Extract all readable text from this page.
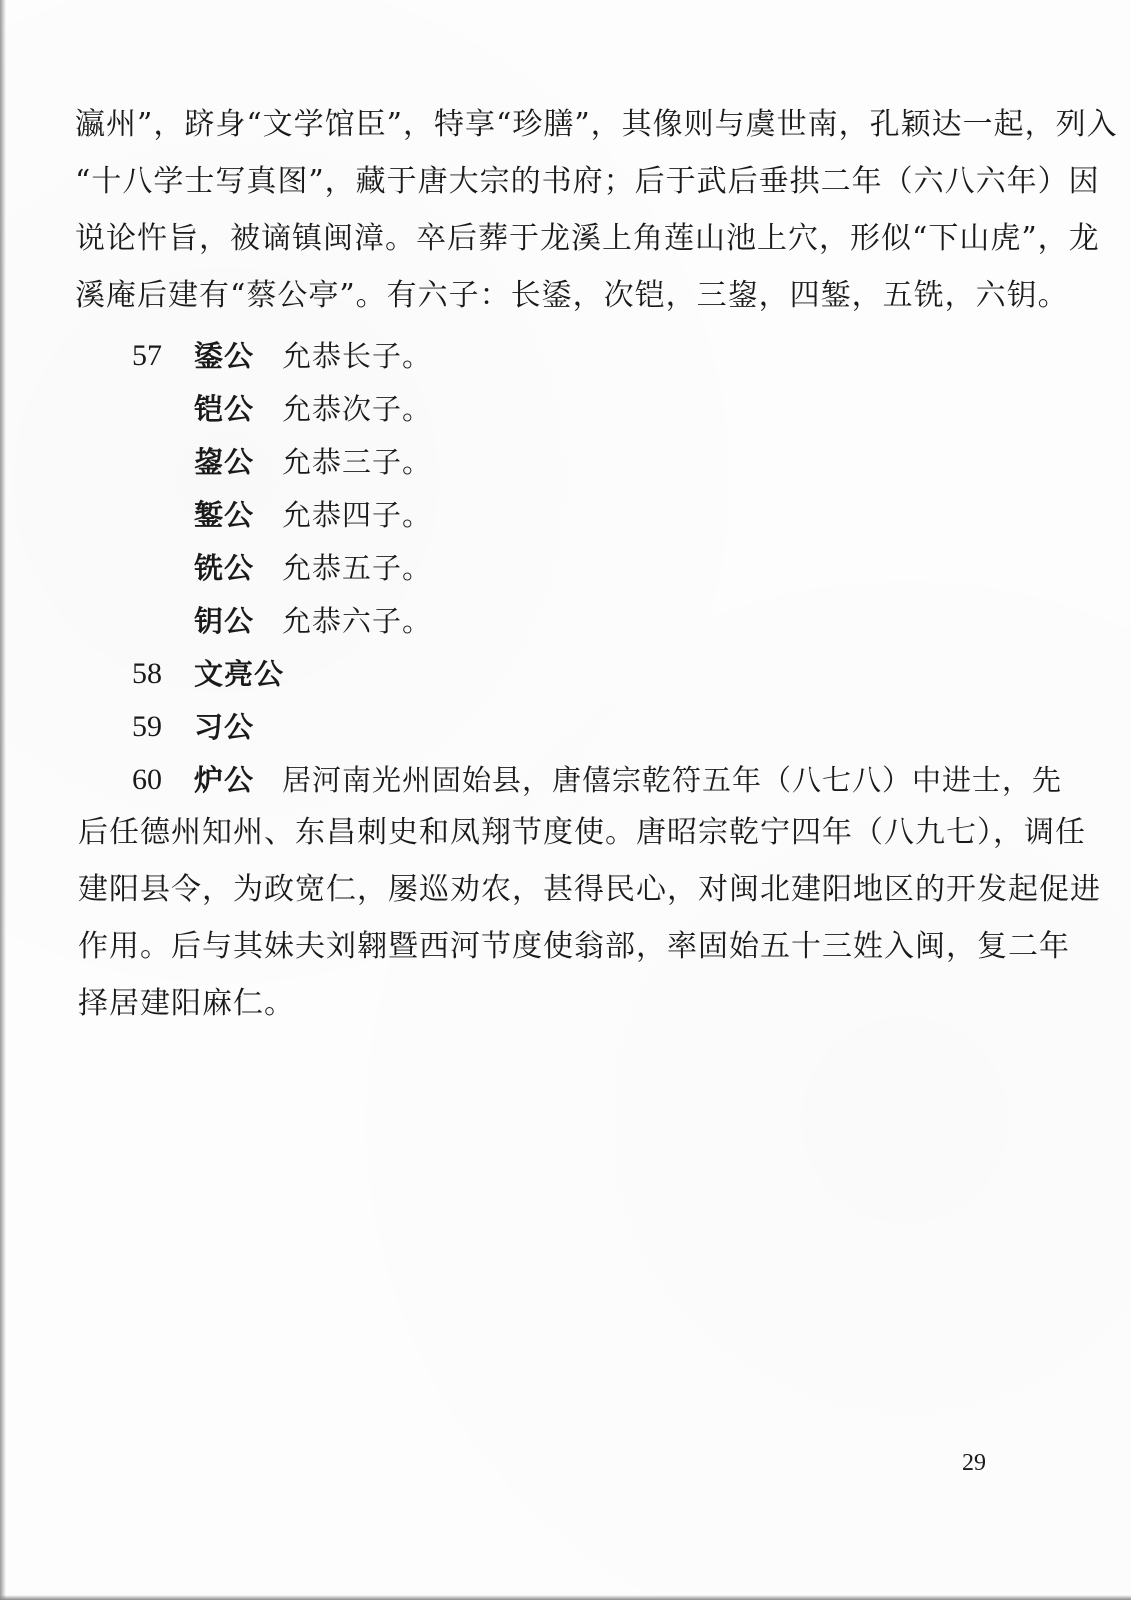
瀛州”，跻身“文学馆臣”，特享“珍膳”，其像则与虞世南，孔颖达一起，列入
“十八学士写真图”，藏于唐大宗的书府；后于武后垂拱二年（六八六年）因
说论忤旨，被谪镇闽漳。卒后葬于龙溪上角莲山池上穴，形似“下山虎”，龙
溪庵后建有“蔡公亭”。有六子：长鋈，次铠，三鋆，四錾，五铣，六钥。
57	鋈公 允恭长子。
铠公 允恭次子。
鋆公 允恭三子。
錾公 允恭四子。
铣公 允恭五子。
钥公 允恭六子。
58	文亮公
59	习公
60	炉公 居河南光州固始县，唐僖宗乾符五年（八七八）中进士，先
后任德州知州、东昌刺史和凤翔节度使。唐昭宗乾宁四年（八九七），调任
建阳县令，为政宽仁，屡巡劝农，甚得民心，对闽北建阳地区的开发起促进
作用。后与其妹夫刘翱暨西河节度使翁部，率固始五十三姓入闽，复二年
择居建阳麻仁。
29
